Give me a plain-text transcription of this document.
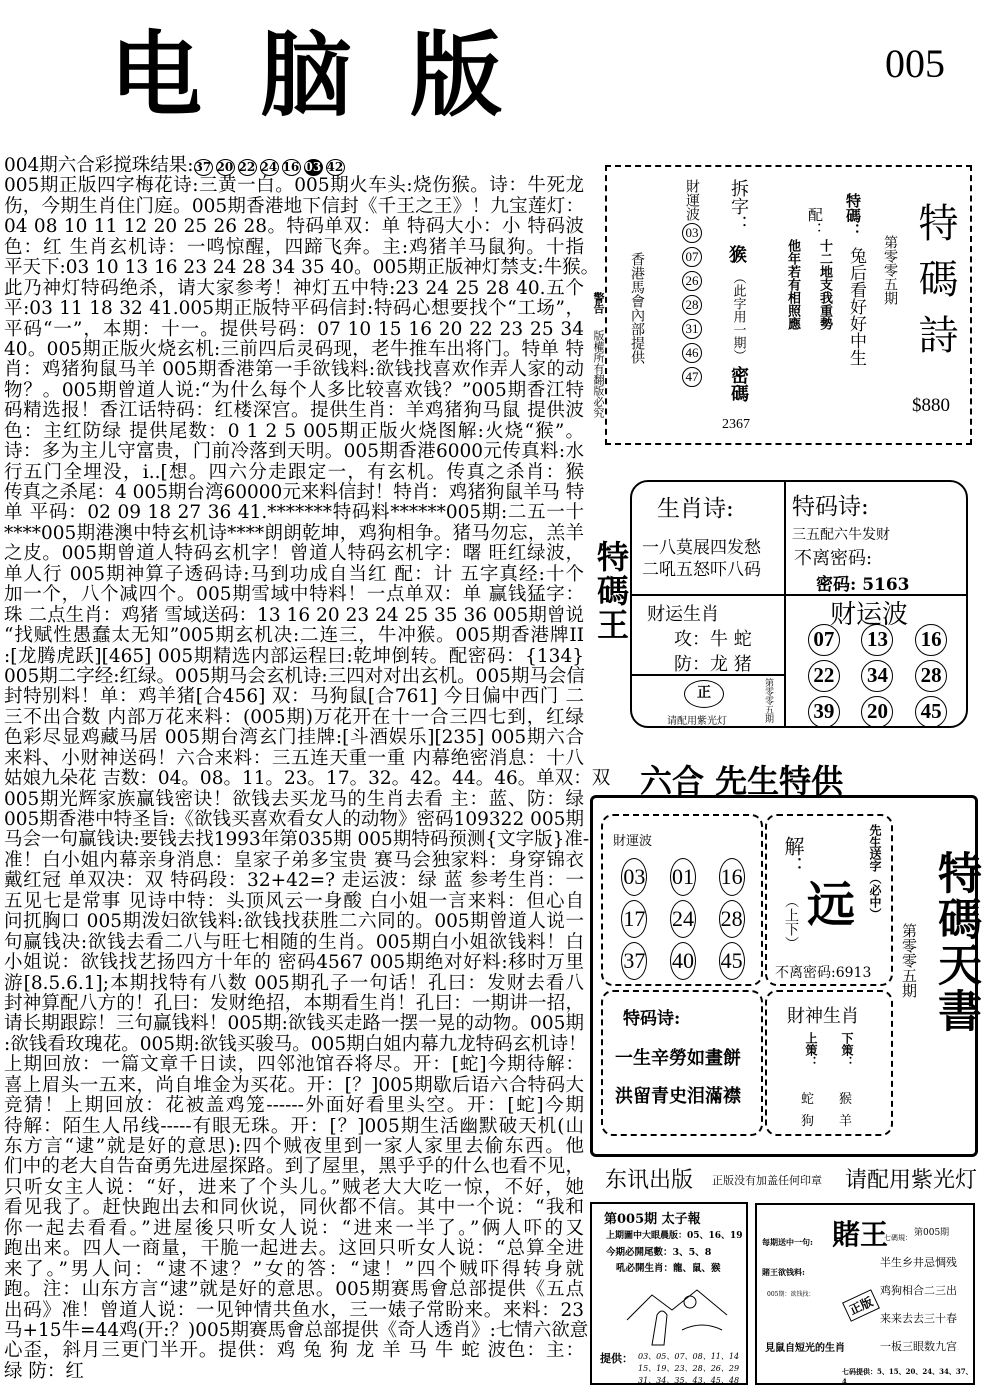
电脑版	005
004期六合彩搅珠结果:37 20 22 24 16 03 42
005期正版四字梅花诗:三黄一白。005期火车头:烧伤猴。诗：牛死龙
伤，今期生肖住门庭。005期香港地下信封《千王之王》！九宝莲灯：
04 08 10 11 12 20 25 26 28。特码单双：单 特码大小：小 特码波
色：红 生肖玄机诗：一鸣惊醒，四蹄飞奔。主:鸡猪羊马鼠狗。十指
平天下:03 10 13 16 23 24 28 34 35 40。005期正版神灯禁支:牛猴。
此乃神灯特码绝杀，请大家参考！神灯五中特:23 24 25 28 40.五个
平:03 11 18 32 41.005期正版特平码信封:特码心想要找个“工场”，
平码“一”，本期：十一。提供号码：07 10 15 16 20 22 23 25 34
40。005期正版火烧玄机:三前四后灵码现，老牛推车出将门。特单 特
肖：鸡猪狗鼠马羊 005期香港第一手欲钱料:欲钱找喜欢作弄人家的动
物？。005期曾道人说:“为什么每个人多比较喜欢钱？”005期香江特
码精选报！香江话特码：红楼深宫。提供生肖：羊鸡猪狗马鼠 提供波
色：主红防绿 提供尾数：0 1 2 5 005期正版火烧图解:火烧“猴”。
诗：多为主儿守富贵，门前冷落到天明。005期香港6000元传真料:水
行五门全埋没，i..[想。四六分走跟定一，有玄机。传真之杀肖：猴
传真之杀尾：4 005期台湾60000元来料信封！特肖：鸡猪狗鼠羊马 特
单 平码：02 09 18 27 36 41.*******特码料******005期:二五一十
****005期港澳中特玄机诗****朗朗乾坤，鸡狗相争。猪马勿忘，羔羊
之皮。005期曾道人特码玄机字！曾道人特码玄机字：曙 旺红绿波，
单人行 005期神算子透码诗:马到功成自当红 配：计 五字真经:十个
加一个，八个减四个。005期雪域中特料！一点单双：单 赢钱猛字：
珠 二点生肖：鸡猪 雪域送码：13 16 20 23 24 25 35 36 005期曾说
“找赋性愚蠢太无知”005期玄机决:二连三，牛冲猴。005期香港牌II
:[龙腾虎跃][465] 005期精选内部运程曰:乾坤倒转。配密码：{134}
005期二字经:红绿。005期马会玄机诗:三四对对出玄机。005期马会信
封特别料！单：鸡羊猪[合456] 双：马狗鼠[合761] 今日偏中西门 二
三不出合数 内部万花来料：(005期)万花开在十一合三四七到，红绿
色彩尽显鸡藏马居 005期台湾玄门挂牌:[斗酒娱乐][235] 005期六合
来料、小财神送码！六合来料：三五连天重一重 内幕绝密消息：十八
姑娘九朵花 吉数：04。08。11。23。17。32。42。44。46。单双：双
005期光辉家族赢钱密诀！欲钱去买龙马的生肖去看 主：蓝、防：绿
005期香港中特圣旨:《欲钱买喜欢看女人的动物》密码109322 005期
马会一句赢钱诀:要钱去找1993年第035期 005期特码预测{文字版}准-
准！白小姐内幕亲身消息：皇家子弟多宝贵 赛马会独家料：身穿锦衣
戴红冠 单双决：双 特码段：32+42=? 走运波：绿 蓝 参考生肖：一
五见七是常事 见诗中特：头顶风云一身酸 白小姐一言来料：但心自
问扤胸口 005期泼妇欲钱料:欲钱找获胜二六同的。005期曾道人说一
句赢钱决:欲钱去看二八与旺七相随的生肖。005期白小姐欲钱料！白
小姐说：欲钱找艺扬四方十年的 密码4567 005期绝对好料:移时万里
游[8.5.6.1];本期找特有八数 005期孔子一句话！孔曰：发财去看八
封神算配八方的！孔曰：发财绝招，本期看生肖！孔曰：一期讲一招，
请长期跟踪！三句赢钱料！005期:欲钱买走路一摆一晃的动物。005期
:欲钱看玫瑰花。005期:欲钱买骏马。005期白姐内幕九龙特码玄机诗！
上期回放：一篇文章千日读，四邻池馆吞将尽。开：[蛇]今期待解：
喜上眉头一五来，尚自堆金为买花。开：[？]005期歇后语六合特码大
竞猜！上期回放：花被盖鸡笼------外面好看里头空。开：[蛇]今期
待解：陌生人吊线-----有眼无珠。开：[？]005期生活幽默破天机(山
东方言“逮”就是好的意思):四个贼夜里到一家人家里去偷东西。他
们中的老大自告奋勇先进屋探路。到了屋里，黑乎乎的什么也看不见，
只听女主人说：“好，进来了个头儿。”贼老大大吃一惊，不好，她
看见我了。赶快跑出去和同伙说，同伙都不信。其中一个说：“我和
你一起去看看。”进屋後只听女人说：“进来一半了。”俩人吓的又
跑出来。四人一商量，干脆一起进去。这回只听女人说：“总算全进
来了。”男人问：“逮不逮？”女的答：“逮！”四个贼吓得转身就
跑。注：山东方言“逮”就是好的意思。005期赛馬會总部提供《五点
出码》准！曾道人说：一见钟情共鱼水，三一婊子常盼来。来料：23
马+15牛=44鸡(开:？)005期赛馬會总部提供《奇人透肖》:七情六欲意
心歪，斜月三更门半开。提供：鸡 兔 狗 龙 羊 马 牛 蛇 波色：主：
绿 防：红
警告
版權所有翻版必究
香港馬會內部提供
財運波
03072628314647
拆字：
㺅
（此字用一期）
密碼
2367
他年若有相照應
配：
十二地支我重勢
特碼：
兔后看好好中生 第零零五期 特碼詩
$880
特碼王
生肖诗:
一八莫展四发愁
二吼五怒吓八码
特码诗:
三五配六牛发财
不离密码:
密码: 5163
财运生肖
攻：牛 蛇
防：龙 猪
正
请配用紫光灯	第零零五期
财运波
07 13 16
22 34 28
39 20 45
六合 先生特供
財運波
03 01 16
17 24 28
37 40 45
解：
（上下） 远 先生送字（必中）
不离密码:6913
特码诗:
一生辛勞如畫餅
洪留青史泪滿襟
財神生肖
上策： 下策：
蛇
狗
猴
羊
第零零五期 特碼天書
东讯出版 正版没有加盖任何印章 请配用紫光灯
第005期 太子報
上期圖中大眼晨版：05、16、19
今期必開尾數：3、5、8
吼必開生肖：龍、鼠、猴
提供： 03、05、07、08、11、14
15、19、23、28、26、29
31、34、35、43、45、48
賭王
七碼規： 第005期
每期送中一句:
賭王欲钱料:
005期：欲钱找：
見鼠自短光的生肖
正版
半生乡井忌惆残
鸡狗相合二三出
来来去去三十春
一板三眼数九宫
七码提供：5、15、20、24、34、37、4
